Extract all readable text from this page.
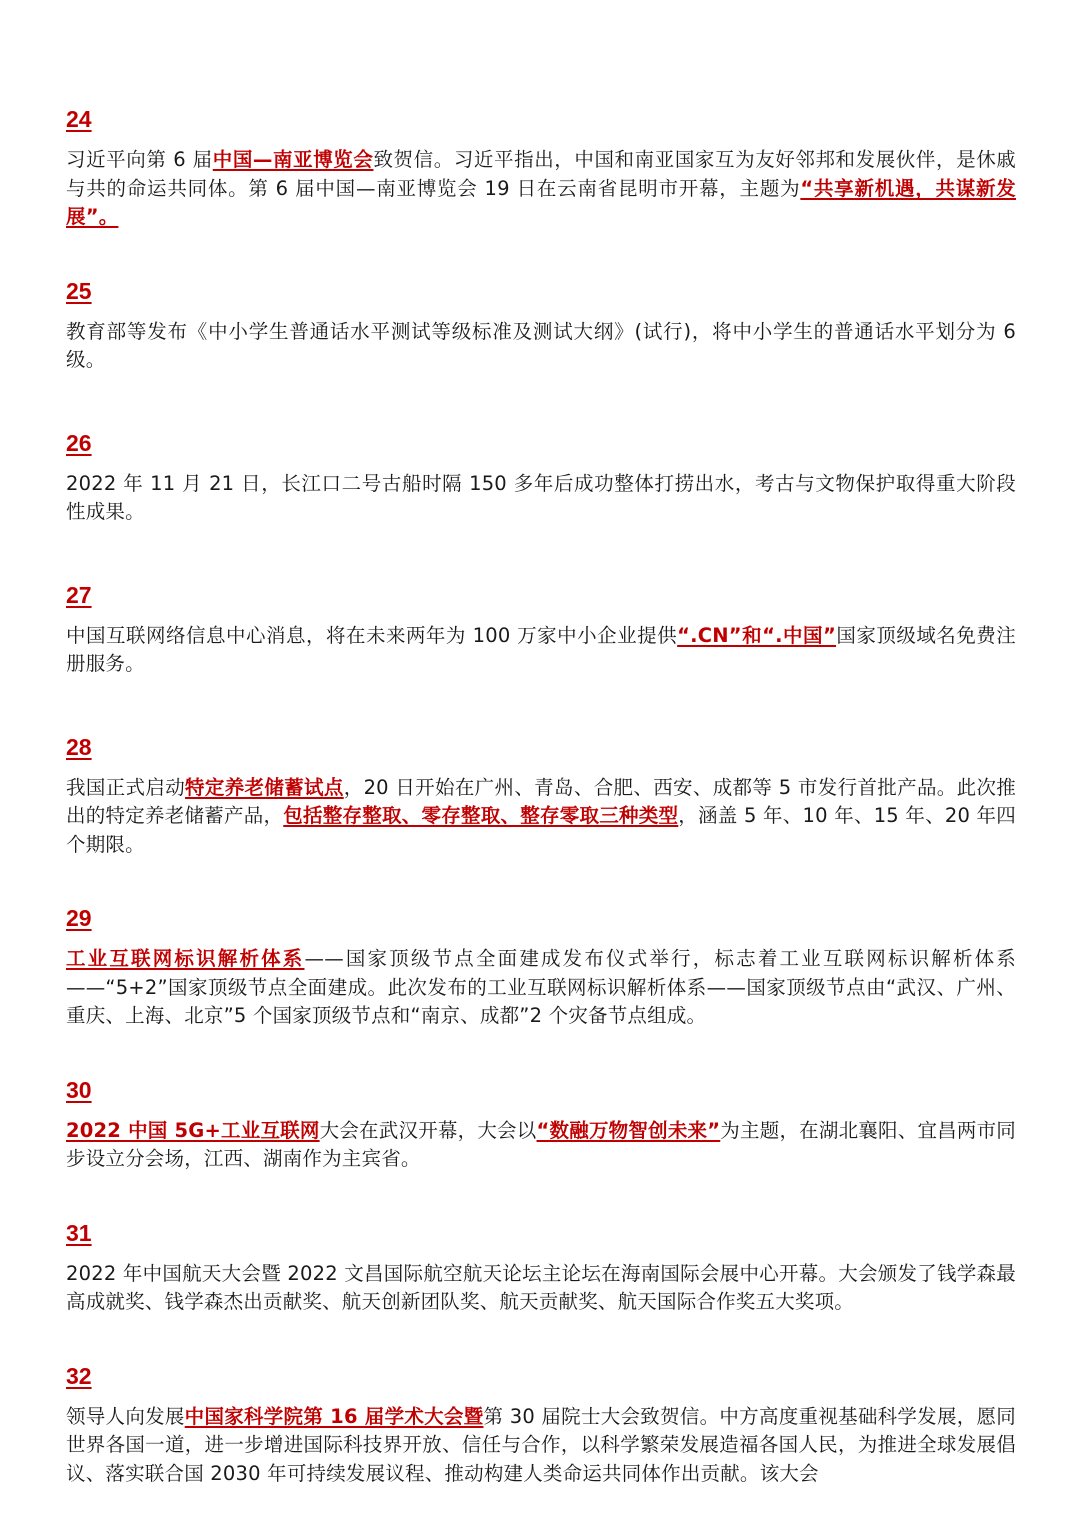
24

习近平向第 6 届中国—南亚博览会致贺信。习近平指出，中国和南亚国家互为友好邻邦和发展伙伴，是休戚与共的命运共同体。第 6 届中国—南亚博览会 19 日在云南省昆明市开幕，主题为“共享新机遇，共谋新发展”。

25

教育部等发布《中小学生普通话水平测试等级标准及测试大纲》(试行)，将中小学生的普通话水平划分为 6 级。

26

2022 年 11 月 21 日，长江口二号古船时隔 150 多年后成功整体打捞出水，考古与文物保护取得重大阶段性成果。

27

中国互联网络信息中心消息，将在未来两年为 100 万家中小企业提供“.CN”和“.中国”国家顶级域名免费注册服务。

28

我国正式启动特定养老储蓄试点，20 日开始在广州、青岛、合肥、西安、成都等 5 市发行首批产品。此次推出的特定养老储蓄产品，包括整存整取、零存整取、整存零取三种类型，涵盖 5 年、10 年、15 年、20 年四个期限。

29

工业互联网标识解析体系——国家顶级节点全面建成发布仪式举行，标志着工业互联网标识解析体系——“5+2”国家顶级节点全面建成。此次发布的工业互联网标识解析体系——国家顶级节点由“武汉、广州、重庆、上海、北京”5 个国家顶级节点和“南京、成都”2 个灾备节点组成。

30

2022 中国 5G+工业互联网大会在武汉开幕，大会以“数融万物智创未来”为主题，在湖北襄阳、宜昌两市同步设立分会场，江西、湖南作为主宾省。

31

2022 年中国航天大会暨 2022 文昌国际航空航天论坛主论坛在海南国际会展中心开幕。大会颁发了钱学森最高成就奖、钱学森杰出贡献奖、航天创新团队奖、航天贡献奖、航天国际合作奖五大奖项。

32

领导人向发展中国家科学院第 16 届学术大会暨第 30 届院士大会致贺信。中方高度重视基础科学发展，愿同世界各国一道，进一步增进国际科技界开放、信任与合作，以科学繁荣发展造福各国人民，为推进全球发展倡议、落实联合国 2030 年可持续发展议程、推动构建人类命运共同体作出贡献。该大会
